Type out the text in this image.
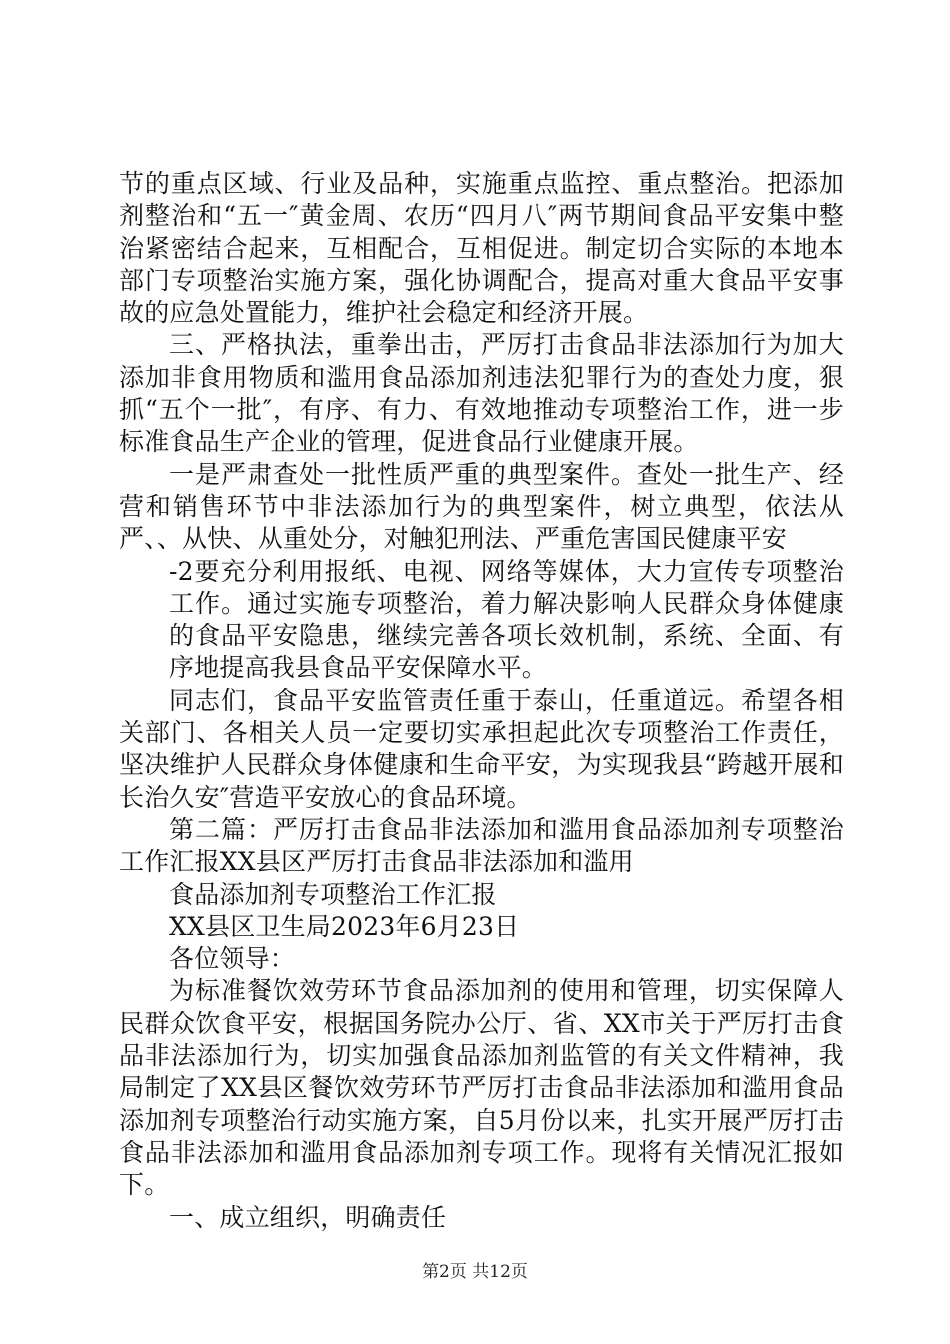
节的重点区域、行业及品种，实施重点监控、重点整治。把添加剂整治和“五一″黄金周、农历“四月八″两节期间食品平安集中整治紧密结合起来，互相配合，互相促进。制定切合实际的本地本部门专项整治实施方案，强化协调配合，提高对重大食品平安事故的应急处置能力，维护社会稳定和经济开展。

三、严格执法，重拳出击，严厉打击食品非法添加行为加大添加非食用物质和滥用食品添加剂违法犯罪行为的查处力度，狠抓“五个一批″，有序、有力、有效地推动专项整治工作，进一步标准食品生产企业的管理，促进食品行业健康开展。

一是严肃查处一批性质严重的典型案件。查处一批生产、经营和销售环节中非法添加行为的典型案件，树立典型，依法从严、、从快、从重处分，对触犯刑法、严重危害国民健康平安

-2要充分利用报纸、电视、网络等媒体，大力宣传专项整治工作。通过实施专项整治，着力解决影响人民群众身体健康的食品平安隐患，继续完善各项长效机制，系统、全面、有序地提高我县食品平安保障水平。

同志们，食品平安监管责任重于泰山，任重道远。希望各相关部门、各相关人员一定要切实承担起此次专项整治工作责任，坚决维护人民群众身体健康和生命平安，为实现我县“跨越开展和长治久安″营造平安放心的食品环境。

第二篇：严厉打击食品非法添加和滥用食品添加剂专项整治工作汇报XX县区严厉打击食品非法添加和滥用

食品添加剂专项整治工作汇报

XX县区卫生局2023年6月23日

各位领导：

为标准餐饮效劳环节食品添加剂的使用和管理，切实保障人民群众饮食平安，根据国务院办公厅、省、XX市关于严厉打击食品非法添加行为，切实加强食品添加剂监管的有关文件精神，我局制定了XX县区餐饮效劳环节严厉打击食品非法添加和滥用食品添加剂专项整治行动实施方案，自5月份以来，扎实开展严厉打击食品非法添加和滥用食品添加剂专项工作。现将有关情况汇报如下。

一、成立组织，明确责任

第2页 共12页
